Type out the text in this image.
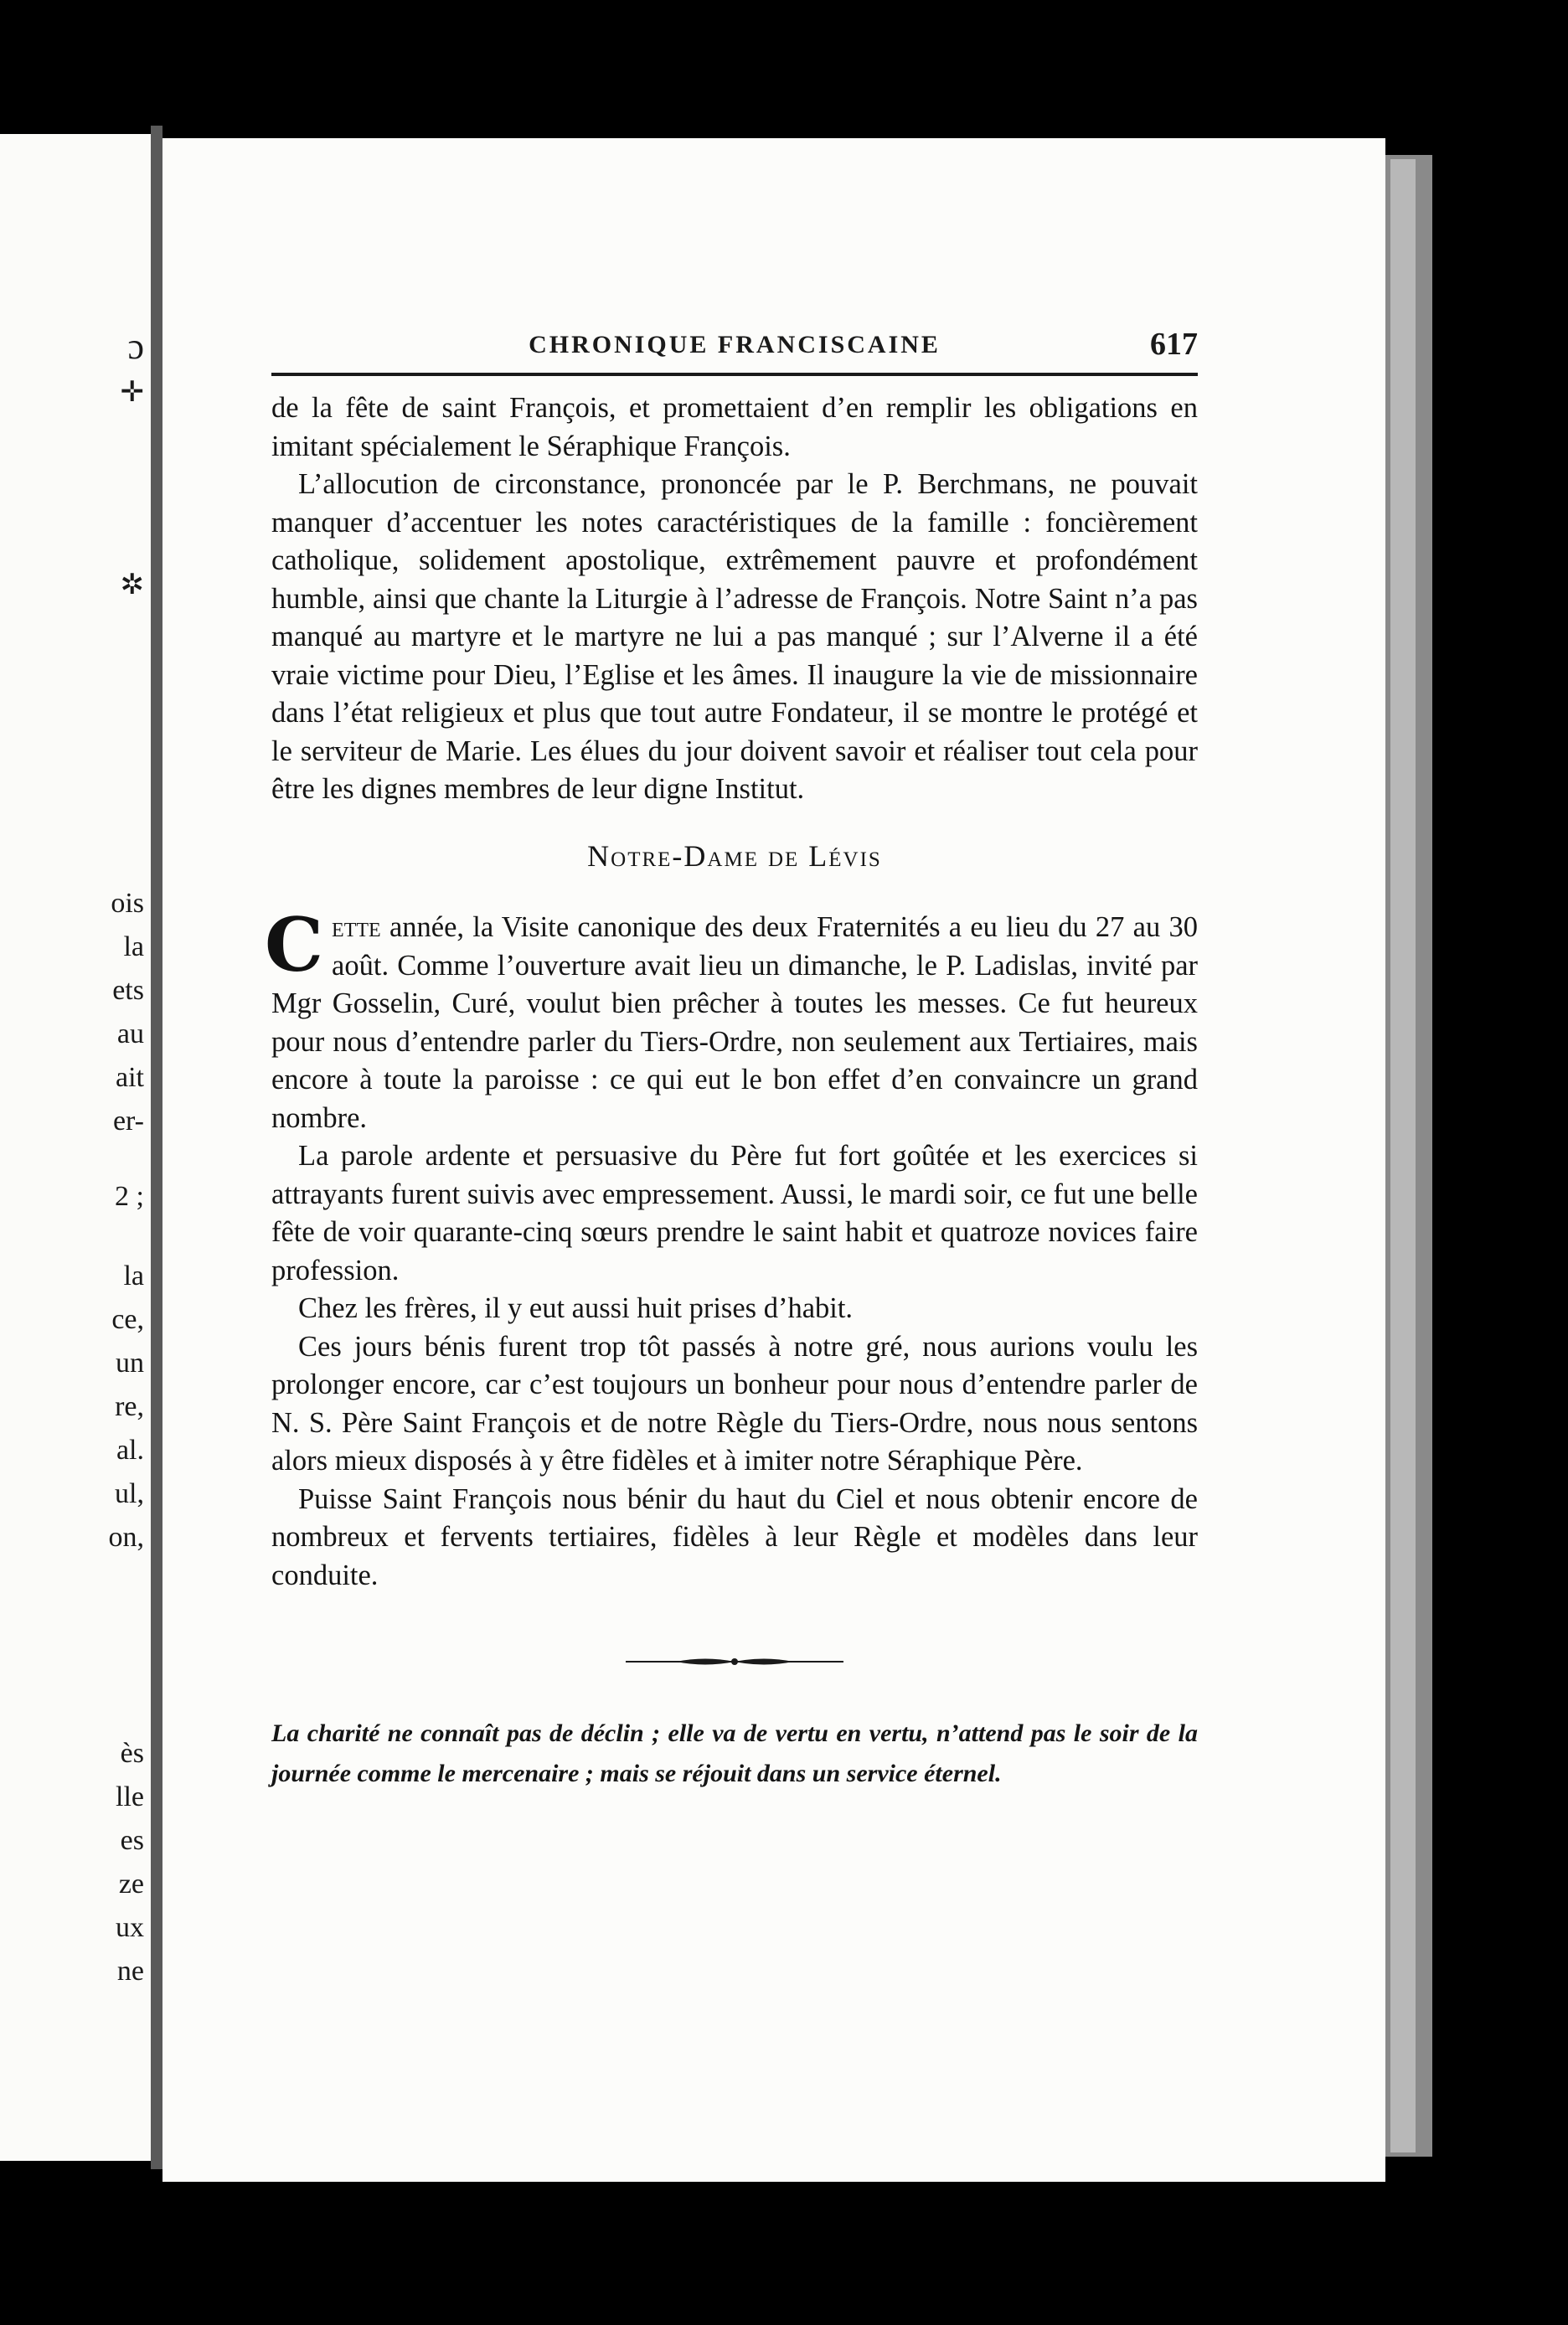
ɔ
✛
✲
ois
la
ets
au
ait
er-
2 ;
la
ce,
un
re,
al.
ul,
on,
ès
lle
es
ze
ux
ne
CHRONIQUE FRANCISCAINE	617

de la fête de saint François, et promettaient d’en remplir les obligations en imitant spécialement le Séraphique François.

L’allocution de circonstance, prononcée par le P. Berchmans, ne pouvait manquer d’accentuer les notes caractéristiques de la famille : foncièrement catholique, solidement apostolique, extrêmement pauvre et profondément humble, ainsi que chante la Liturgie à l’adresse de François. Notre Saint n’a pas manqué au martyre et le martyre ne lui a pas manqué ; sur l’Alverne il a été vraie victime pour Dieu, l’Eglise et les âmes. Il inaugure la vie de missionnaire dans l’état religieux et plus que tout autre Fondateur, il se montre le protégé et le serviteur de Marie. Les élues du jour doivent savoir et réaliser tout cela pour être les dignes membres de leur digne Institut.

Notre-Dame de Lévis

Cette année, la Visite canonique des deux Fraternités a eu lieu du 27 au 30 août. Comme l’ouverture avait lieu un dimanche, le P. Ladislas, invité par Mgr Gosselin, Curé, voulut bien prêcher à toutes les messes. Ce fut heureux pour nous d’entendre parler du Tiers-Ordre, non seulement aux Tertiaires, mais encore à toute la paroisse : ce qui eut le bon effet d’en convaincre un grand nombre.

La parole ardente et persuasive du Père fut fort goûtée et les exercices si attrayants furent suivis avec empressement. Aussi, le mardi soir, ce fut une belle fête de voir quarante-cinq sœurs prendre le saint habit et quatroze novices faire profession.

Chez les frères, il y eut aussi huit prises d’habit.

Ces jours bénis furent trop tôt passés à notre gré, nous aurions voulu les prolonger encore, car c’est toujours un bonheur pour nous d’entendre parler de N. S. Père Saint François et de notre Règle du Tiers-Ordre, nous nous sentons alors mieux disposés à y être fidèles et à imiter notre Séraphique Père.

Puisse Saint François nous bénir du haut du Ciel et nous obtenir encore de nombreux et fervents tertiaires, fidèles à leur Règle et modèles dans leur conduite.

La charité ne connaît pas de déclin ; elle va de vertu en vertu, n’attend pas le soir de la journée comme le mercenaire ; mais se réjouit dans un service éternel.
